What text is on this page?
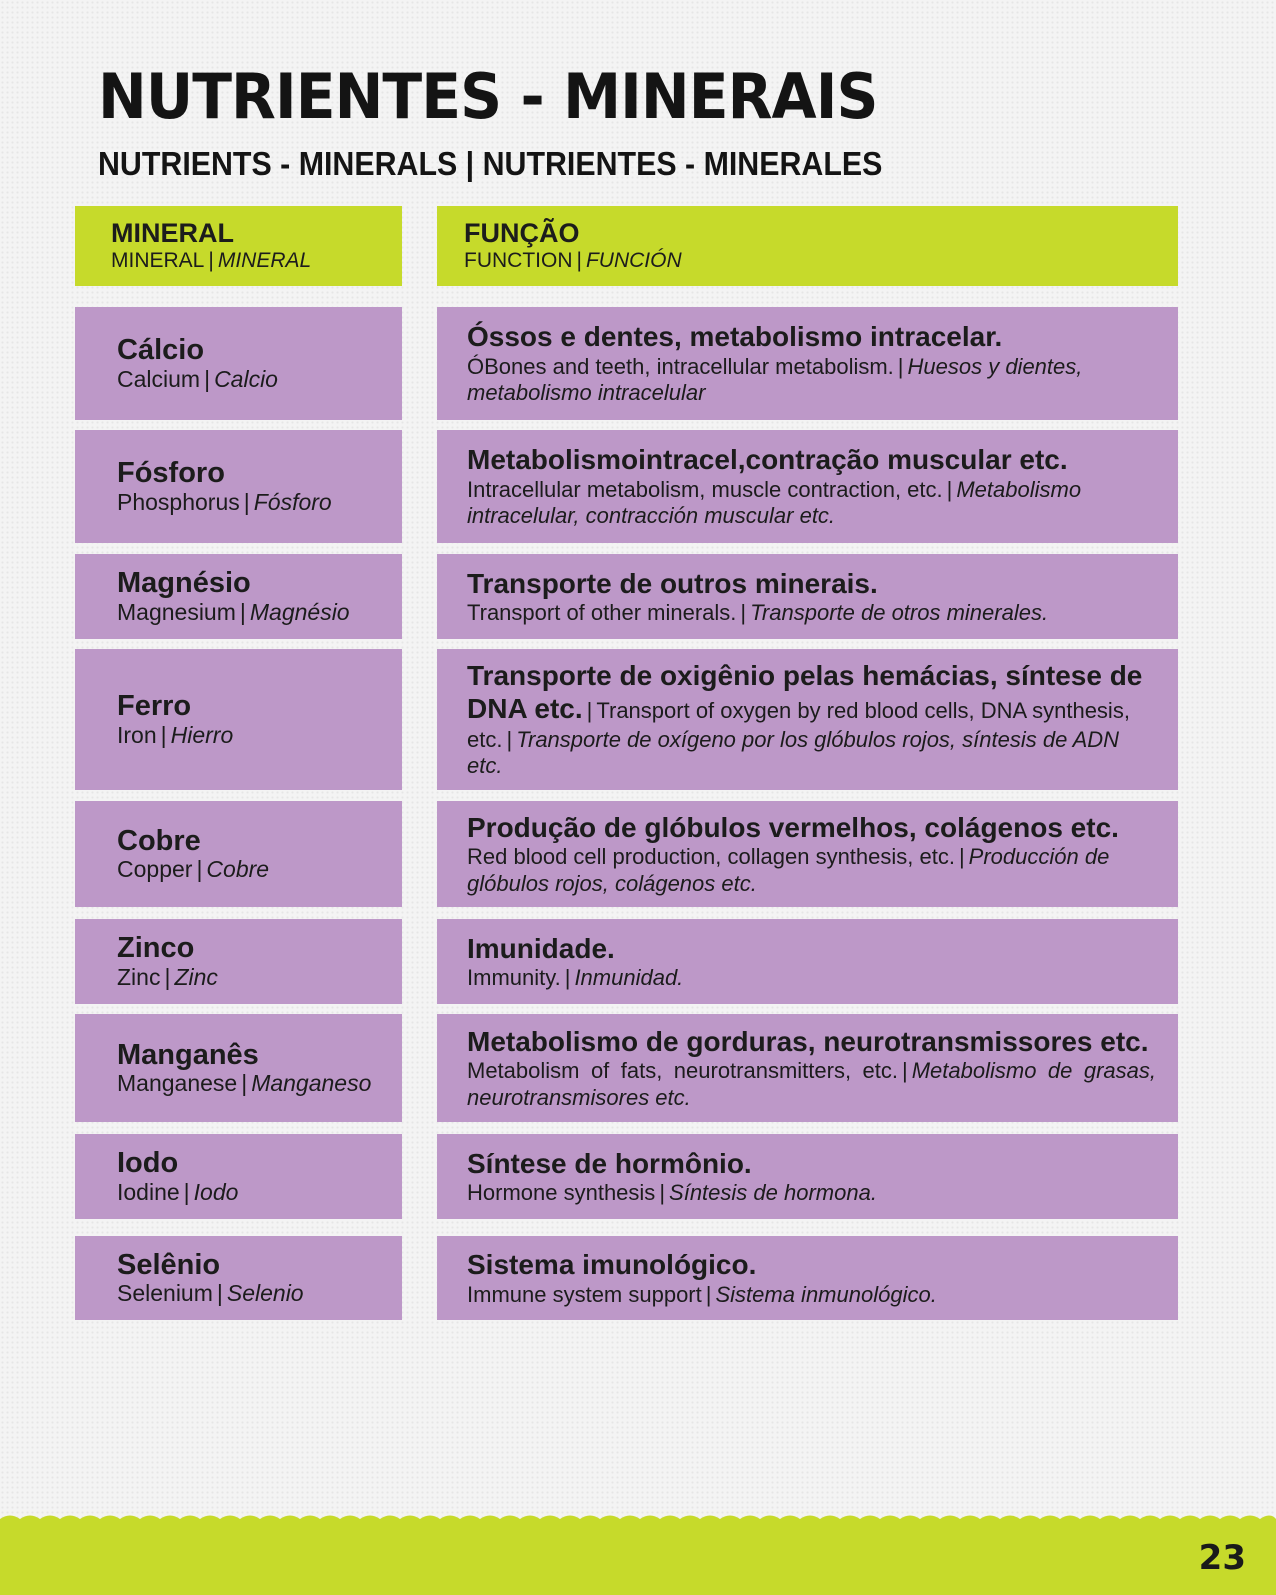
NUTRIENTES - MINERAIS
NUTRIENTS - MINERALS | NUTRIENTES - MINERALES
MINERAL
MINERAL | MINERAL
FUNÇÃO
FUNCTION | FUNCIÓN
Cálcio
Calcium | Calcio
Óssos e dentes, metabolismo intracelar.
ÓBones and teeth, intracellular metabolism. | Huesos y dientes, metabolismo intracelular
Fósforo
Phosphorus | Fósforo
Metabolismointracel,contração muscular etc.
Intracellular metabolism, muscle contraction, etc. | Metabolismo intracelular, contracción muscular etc.
Magnésio
Magnesium | Magnésio
Transporte de outros minerais.
Transport of other minerals. | Transporte de otros minerales.
Ferro
Iron | Hierro
Transporte de oxigênio pelas hemácias, síntese de
DNA etc. | Transport of oxygen by red blood cells, DNA synthesis, etc. | Transporte de oxígeno por los glóbulos rojos, síntesis de ADN etc.
Cobre
Copper | Cobre
Produção de glóbulos vermelhos, colágenos etc.
Red blood cell production, collagen synthesis, etc. | Producción de glóbulos rojos, colágenos etc.
Zinco
Zinc | Zinc
Imunidade.
Immunity. | Inmunidad.
Manganês
Manganese | Manganeso
Metabolismo de gorduras, neurotransmissores etc.
Metabolism of fats, neurotransmitters, etc. | Metabolismo de grasas, neurotransmisores etc.
Iodo
Iodine | Iodo
Síntese de hormônio.
Hormone synthesis | Síntesis de hormona.
Selênio
Selenium | Selenio
Sistema imunológico.
Immune system support | Sistema inmunológico.
23
